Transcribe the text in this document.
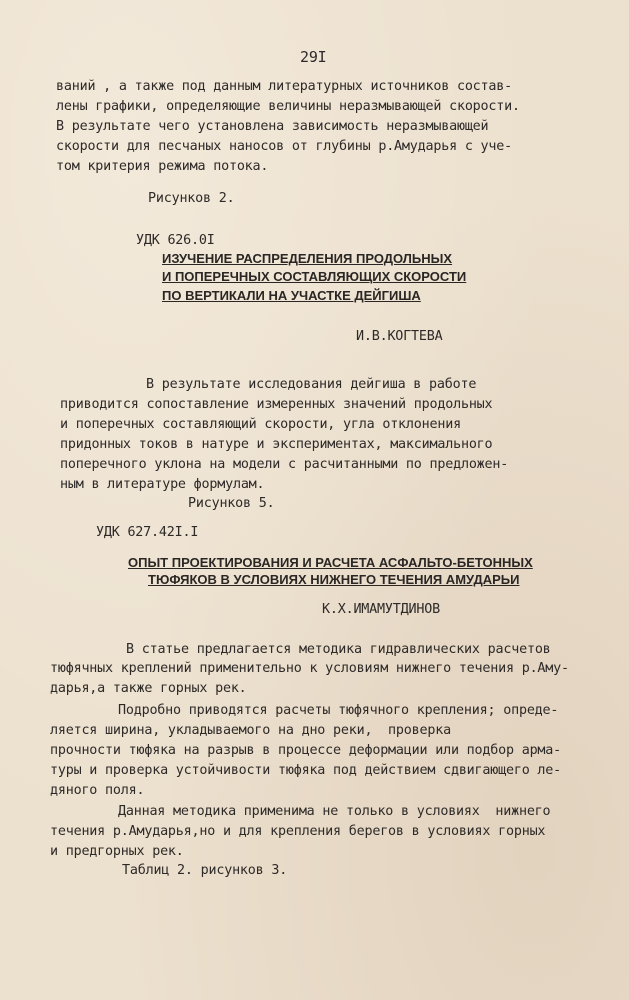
29I
ваний , а также под данным литературных источников состав-
лены графики, определяющие величины неразмывающей скорости.
В результате чего установлена зависимость неразмывающей
скорости для песчаных наносов от глубины р.Амударья с уче-
том критерия режима потока.
Рисунков 2.
УДК 626.0I
ИЗУЧЕНИЕ РАСПРЕДЕЛЕНИЯ ПРОДОЛЬНЫХ
И ПОПЕРЕЧНЫХ СОСТАВЛЯЮЩИХ СКОРОСТИ
ПО ВЕРТИКАЛИ НА УЧАСТКЕ ДЕЙГИША
И.В.КОГТЕВА
В результате исследования дейгиша в работе
приводится сопоставление измеренных значений продольных
и поперечных составляющий скорости, угла отклонения
придонных токов в натуре и экспериментах, максимального
поперечного уклона на модели с расчитанными по предложен-
ным в литературе формулам.
Рисунков 5.
УДК 627.42I.I
ОПЫТ ПРОЕКТИРОВАНИЯ И РАСЧЕТА АСФАЛЬТО-БЕТОННЫХ
ТЮФЯКОВ В УСЛОВИЯХ НИЖНЕГО ТЕЧЕНИЯ АМУДАРЬИ
К.Х.ИМАМУТДИНОВ
В статье предлагается методика гидравлических расчетов
тюфячных креплений применительно к условиям нижнего течения р.Аму-
дарья,а также горных рек.
Подробно приводятся расчеты тюфячного крепления; опреде-
ляется ширина, укладываемого на дно реки,  проверка
прочности тюфяка на разрыв в процессе деформации или подбор арма-
туры и проверка устойчивости тюфяка под действием сдвигающего ле-
дяного поля.
Данная методика применима не только в условиях  нижнего
течения р.Амударья,но и для крепления берегов в условиях горных
и предгорных рек.
Таблиц 2. рисунков 3.
